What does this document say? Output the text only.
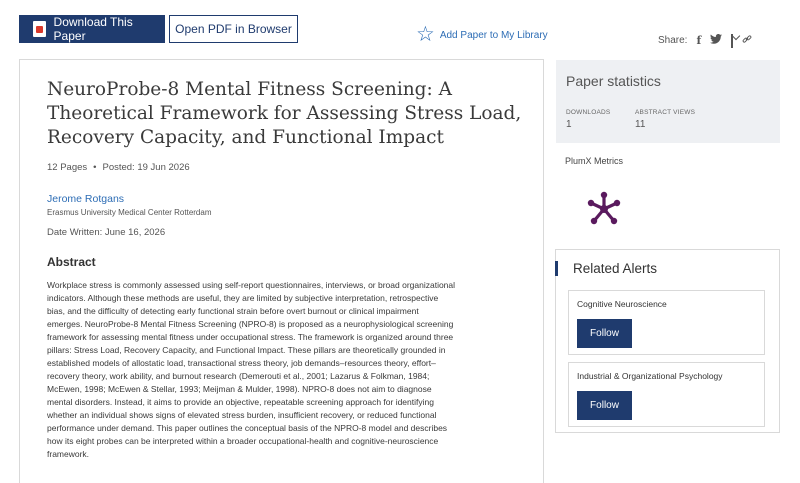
Download This Paper	Open PDF in Browser	☆ Add Paper to My Library	Share: f
NeuroProbe-8 Mental Fitness Screening: A Theoretical Framework for Assessing Stress Load, Recovery Capacity, and Functional Impact
12 Pages • Posted: 19 Jun 2026
Jerome Rotgans
Erasmus University Medical Center Rotterdam
Date Written: June 16, 2026
Abstract
Workplace stress is commonly assessed using self-report questionnaires, interviews, or broad organizational
indicators. Although these methods are useful, they are limited by subjective interpretation, retrospective
bias, and the difficulty of detecting early functional strain before overt burnout or clinical impairment
emerges. NeuroProbe-8 Mental Fitness Screening (NPRO-8) is proposed as a neurophysiological screening
framework for assessing mental fitness under occupational stress. The framework is organized around three
pillars: Stress Load, Recovery Capacity, and Functional Impact. These pillars are theoretically grounded in
established models of allostatic load, transactional stress theory, job demands–resources theory, effort–
recovery theory, work ability, and burnout research (Demerouti et al., 2001; Lazarus & Folkman, 1984;
McEwen, 1998; McEwen & Stellar, 1993; Meijman & Mulder, 1998). NPRO-8 does not aim to diagnose
mental disorders. Instead, it aims to provide an objective, repeatable screening approach for identifying
whether an individual shows signs of elevated stress burden, insufficient recovery, or reduced functional
performance under demand. This paper outlines the conceptual basis of the NPRO-8 model and describes
how its eight probes can be interpreted within a broader occupational-health and cognitive-neuroscience
framework.
Paper statistics
DOWNLOADS
1
ABSTRACT VIEWS
11
PlumX Metrics
Related Alerts
Cognitive Neuroscience
Follow
Industrial & Organizational Psychology
Follow
